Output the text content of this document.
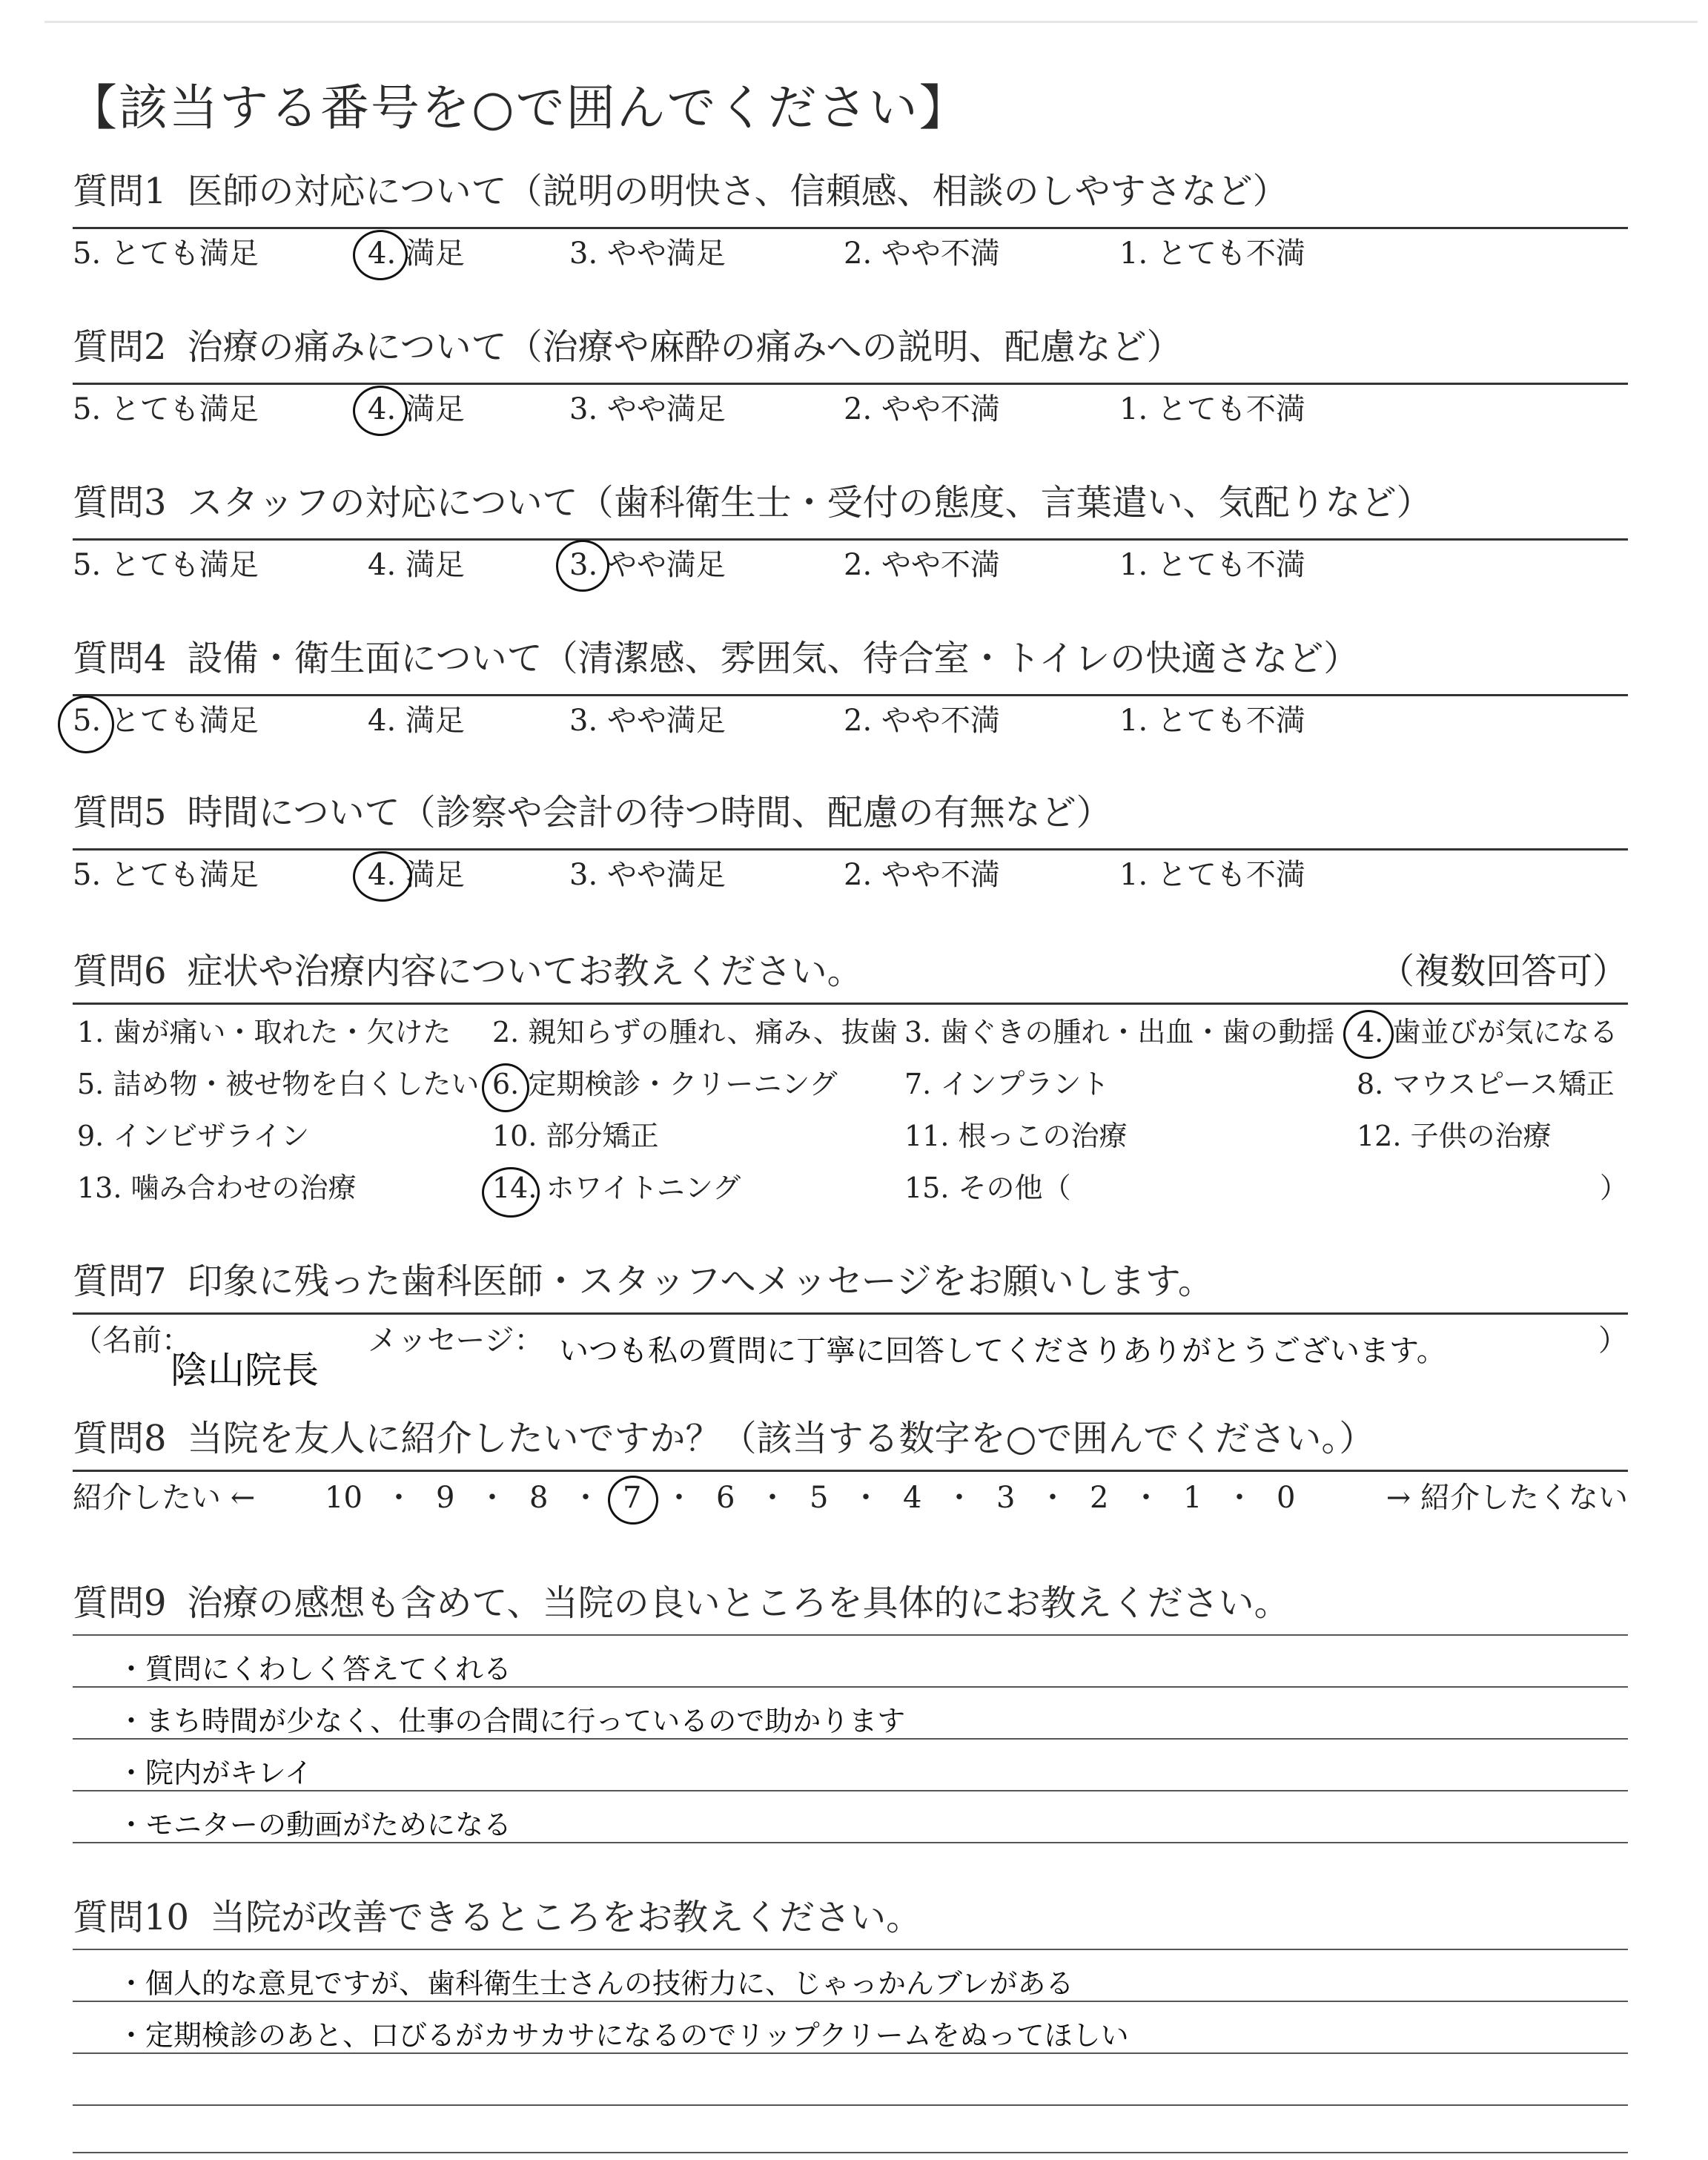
【該当する番号を○で囲んでください】
質問1 医師の対応について（説明の明快さ、信頼感、相談のしやすさなど）
5. とても満足	4. 満足	3. やや満足	2. やや不満	1. とても不満
質問2 治療の痛みについて（治療や麻酔の痛みへの説明、配慮など）
5. とても満足	4. 満足	3. やや満足	2. やや不満	1. とても不満
質問3 スタッフの対応について（歯科衛生士・受付の態度、言葉遣い、気配りなど）
5. とても満足	4. 満足	3. やや満足	2. やや不満	1. とても不満
質問4 設備・衛生面について（清潔感、雰囲気、待合室・トイレの快適さなど）
5. とても満足	4. 満足	3. やや満足	2. やや不満	1. とても不満
質問5 時間について（診察や会計の待つ時間、配慮の有無など）
5. とても満足	4. 満足	3. やや満足	2. やや不満	1. とても不満
質問6 症状や治療内容についてお教えください。	（複数回答可）
1. 歯が痛い・取れた・欠けた 2. 親知らずの腫れ、痛み、抜歯 3. 歯ぐきの腫れ・出血・歯の動揺 4. 歯並びが気になる
5. 詰め物・被せ物を白くしたい 6. 定期検診・クリーニング 7. インプラント	8. マウスピース矯正
9. インビザライン	10. 部分矯正	11. 根っこの治療	12. 子供の治療
13. 噛み合わせの治療	14. ホワイトニング	15. その他（	）
質問7 印象に残った歯科医師・スタッフへメッセージをお願いします。
（名前：
陰山院長
メッセージ： いつも私の質問に丁寧に回答してくださりありがとうございます。	）
質問8 当院を友人に紹介したいですか？（該当する数字を○で囲んでください。）
紹介したい ← 10 ・ 9 ・ 8 ・ 7 ・ 6 ・ 5 ・ 4 ・ 3 ・ 2 ・ 1 ・ 0	→ 紹介したくない
質問9 治療の感想も含めて、当院の良いところを具体的にお教えください。
・質問にくわしく答えてくれる
・まち時間が少なく、仕事の合間に行っているので助かります
・院内がキレイ
・モニターの動画がためになる
質問10 当院が改善できるところをお教えください。
・個人的な意見ですが、歯科衛生士さんの技術力に、じゃっかんブレがある
・定期検診のあと、口びるがカサカサになるのでリップクリームをぬってほしい
